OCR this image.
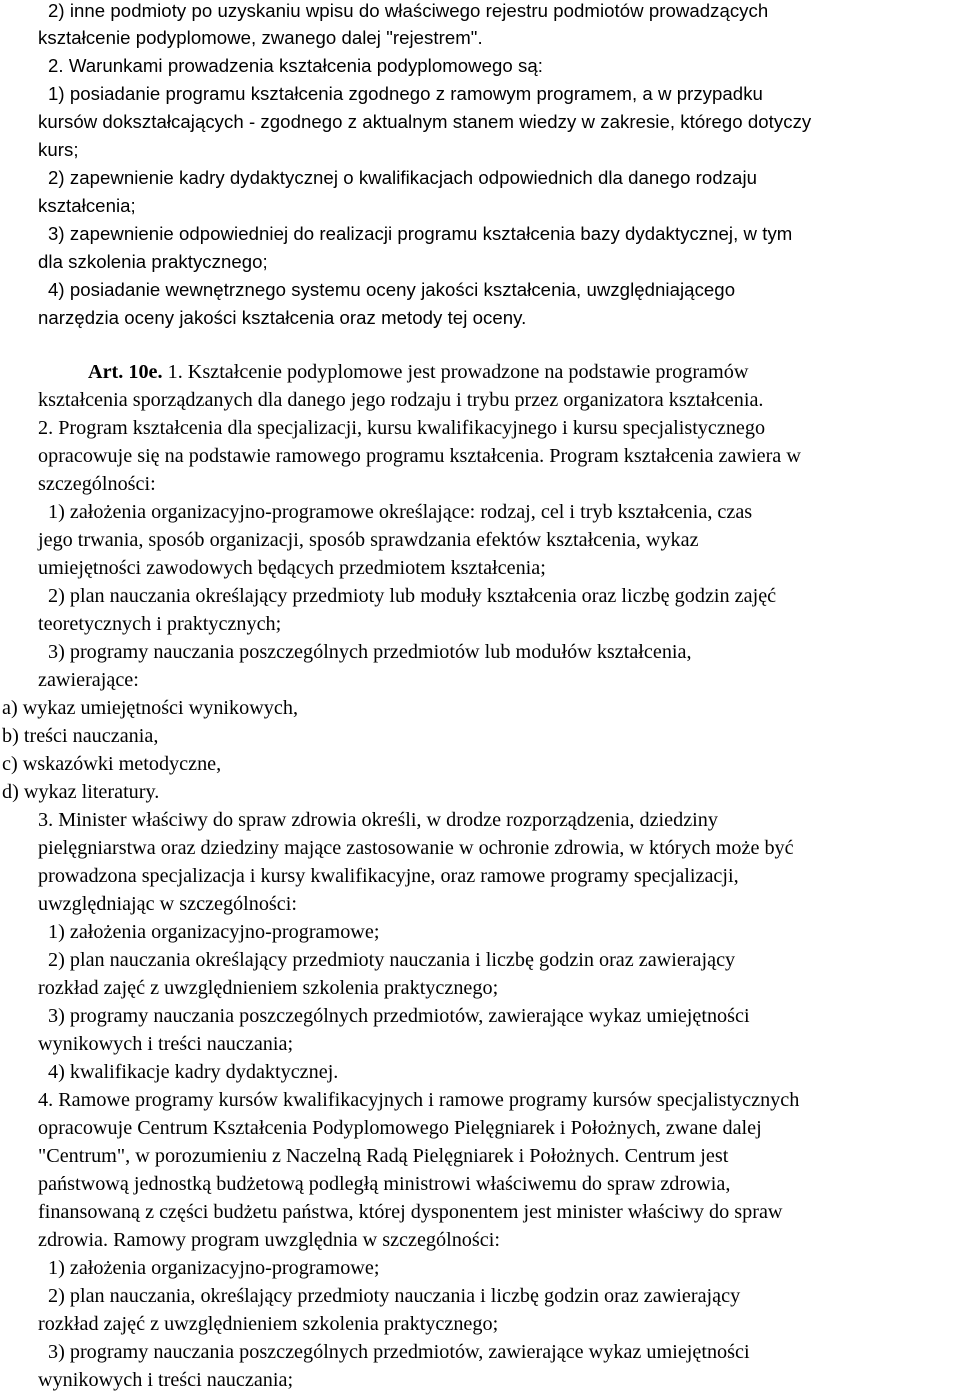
2) inne podmioty po uzyskaniu wpisu do właściwego rejestru podmiotów prowadzących
kształcenie podyplomowe, zwanego dalej "rejestrem".
2. Warunkami prowadzenia kształcenia podyplomowego są:
1) posiadanie programu kształcenia zgodnego z ramowym programem, a w przypadku
kursów dokształcających - zgodnego z aktualnym stanem wiedzy w zakresie, którego dotyczy
kurs;
2) zapewnienie kadry dydaktycznej o kwalifikacjach odpowiednich dla danego rodzaju
kształcenia;
3) zapewnienie odpowiedniej do realizacji programu kształcenia bazy dydaktycznej, w tym
dla szkolenia praktycznego;
4) posiadanie wewnętrznego systemu oceny jakości kształcenia, uwzględniającego
narzędzia oceny jakości kształcenia oraz metody tej oceny.
Art. 10e. 1. Kształcenie podyplomowe jest prowadzone na podstawie programów
kształcenia sporządzanych dla danego jego rodzaju i trybu przez organizatora kształcenia.
2. Program kształcenia dla specjalizacji, kursu kwalifikacyjnego i kursu specjalistycznego
opracowuje się na podstawie ramowego programu kształcenia. Program kształcenia zawiera w
szczególności:
1) założenia organizacyjno-programowe określające: rodzaj, cel i tryb kształcenia, czas
jego trwania, sposób organizacji, sposób sprawdzania efektów kształcenia, wykaz
umiejętności zawodowych będących przedmiotem kształcenia;
2) plan nauczania określający przedmioty lub moduły kształcenia oraz liczbę godzin zajęć
teoretycznych i praktycznych;
3) programy nauczania poszczególnych przedmiotów lub modułów kształcenia,
zawierające:
a) wykaz umiejętności wynikowych,
b) treści nauczania,
c) wskazówki metodyczne,
d) wykaz literatury.
3. Minister właściwy do spraw zdrowia określi, w drodze rozporządzenia, dziedziny
pielęgniarstwa oraz dziedziny mające zastosowanie w ochronie zdrowia, w których może być
prowadzona specjalizacja i kursy kwalifikacyjne, oraz ramowe programy specjalizacji,
uwzględniając w szczególności:
1) założenia organizacyjno-programowe;
2) plan nauczania określający przedmioty nauczania i liczbę godzin oraz zawierający
rozkład zajęć z uwzględnieniem szkolenia praktycznego;
3) programy nauczania poszczególnych przedmiotów, zawierające wykaz umiejętności
wynikowych i treści nauczania;
4) kwalifikacje kadry dydaktycznej.
4. Ramowe programy kursów kwalifikacyjnych i ramowe programy kursów specjalistycznych
opracowuje Centrum Kształcenia Podyplomowego Pielęgniarek i Położnych, zwane dalej
"Centrum", w porozumieniu z Naczelną Radą Pielęgniarek i Położnych. Centrum jest
państwową jednostką budżetową podległą ministrowi właściwemu do spraw zdrowia,
finansowaną z części budżetu państwa, której dysponentem jest minister właściwy do spraw
zdrowia. Ramowy program uwzględnia w szczególności:
1) założenia organizacyjno-programowe;
2) plan nauczania, określający przedmioty nauczania i liczbę godzin oraz zawierający
rozkład zajęć z uwzględnieniem szkolenia praktycznego;
3) programy nauczania poszczególnych przedmiotów, zawierające wykaz umiejętności
wynikowych i treści nauczania;
